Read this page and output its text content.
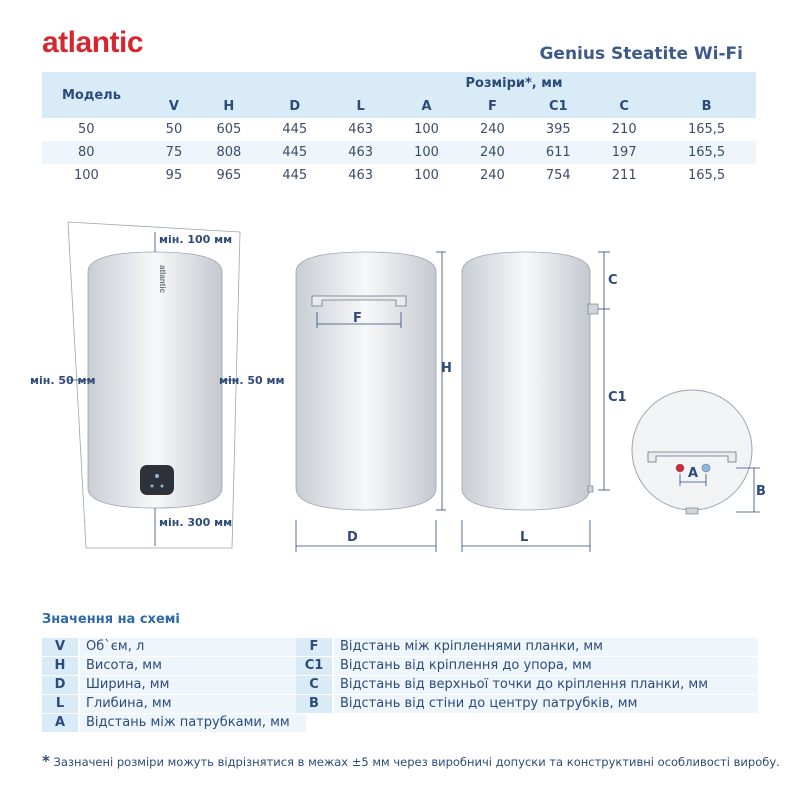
atlantic	Genius Steatite Wi-Fi
Модель	Розміри*, мм								
	V	H	D	L	A	F	C1	C	B
50	50	605	445	463	100	240	395	210	165,5
80	75	808	445	463	100	240	611	197	165,5
100	95	965	445	463	100	240	754	211	165,5
atlantic
мін. 100 мм
мін. 50 мм	мін. 50 мм
мін. 300 мм
F
H
D	L
C
C1
A
B
Значення на схемі
V	Об`єм, л
H	Висота, мм
D	Ширина, мм
L	Глибина, мм
A	Відстань між патрубками, мм
F	Відстань між кріпленнями планки, мм
C1	Відстань від кріплення до упора, мм
C	Відстань від верхньої точки до кріплення планки, мм
B	Відстань від стіни до центру патрубків, мм
* Зазначені розміри можуть відрізнятися в межах ±5 мм через виробничі допуски та конструктивні особливості виробу.
